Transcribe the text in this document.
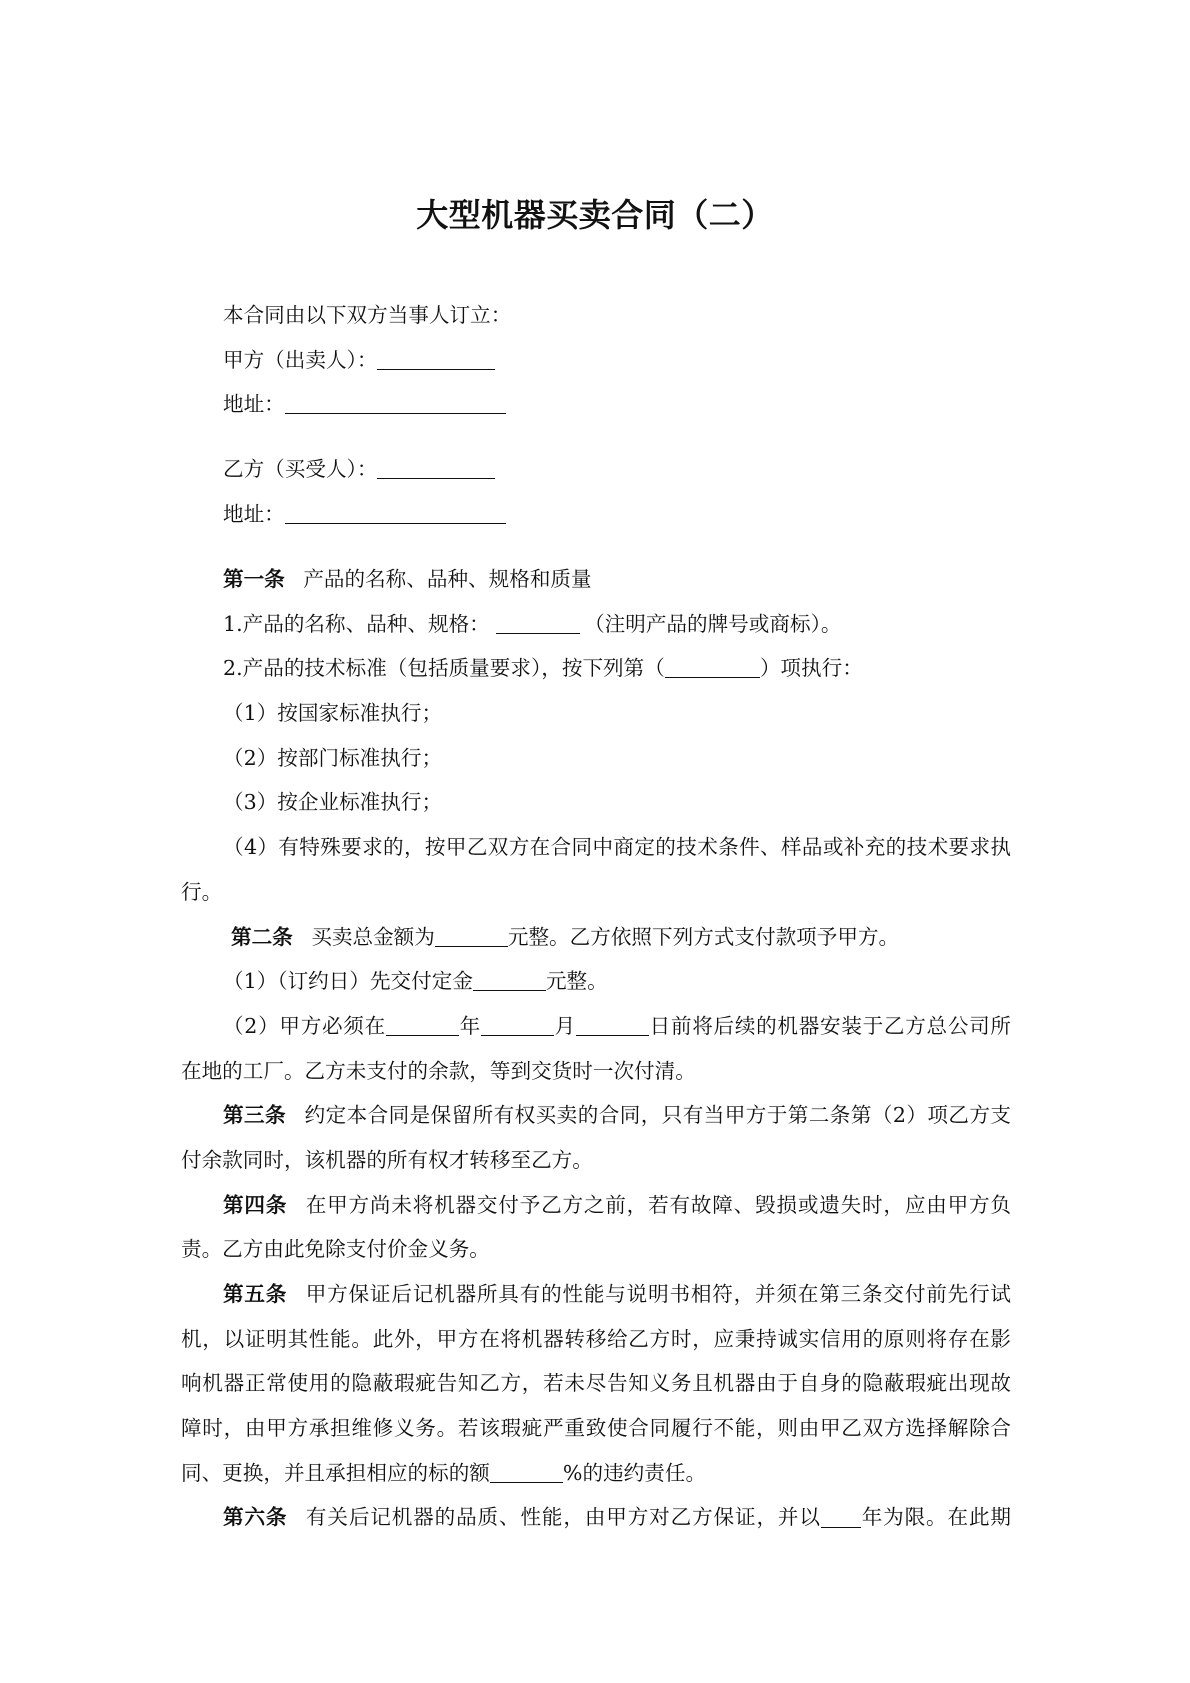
大型机器买卖合同（二）
本合同由以下双方当事人订立：
甲方（出卖人）：
地址：
乙方（买受人）：
地址：
第一条 产品的名称、品种、规格和质量
1.产品的名称、品种、规格：	（注明产品的牌号或商标）。
2.产品的技术标准（包括质量要求），按下列第（	）项执行：
（1）按国家标准执行；
（2）按部门标准执行；
（3）按企业标准执行；
（4）有特殊要求的，按甲乙双方在合同中商定的技术条件、样品或补充的技术要求执
行。
第二条 买卖总金额为	元整。乙方依照下列方式支付款项予甲方。
（1）（订约日）先交付定金	元整。
（2）甲方必须在	年	月	日前将后续的机器安装于乙方总公司所
在地的工厂。乙方未支付的余款，等到交货时一次付清。
第三条 约定本合同是保留所有权买卖的合同，只有当甲方于第二条第（2）项乙方支
付余款同时，该机器的所有权才转移至乙方。
第四条 在甲方尚未将机器交付予乙方之前，若有故障、毁损或遗失时，应由甲方负
责。乙方由此免除支付价金义务。
第五条 甲方保证后记机器所具有的性能与说明书相符，并须在第三条交付前先行试
机，以证明其性能。此外，甲方在将机器转移给乙方时，应秉持诚实信用的原则将存在影
响机器正常使用的隐蔽瑕疵告知乙方，若未尽告知义务且机器由于自身的隐蔽瑕疵出现故
障时，由甲方承担维修义务。若该瑕疵严重致使合同履行不能，则由甲乙双方选择解除合
同、更换，并且承担相应的标的额	%的违约责任。
第六条 有关后记机器的品质、性能，由甲方对乙方保证，并以 年为限。在此期
